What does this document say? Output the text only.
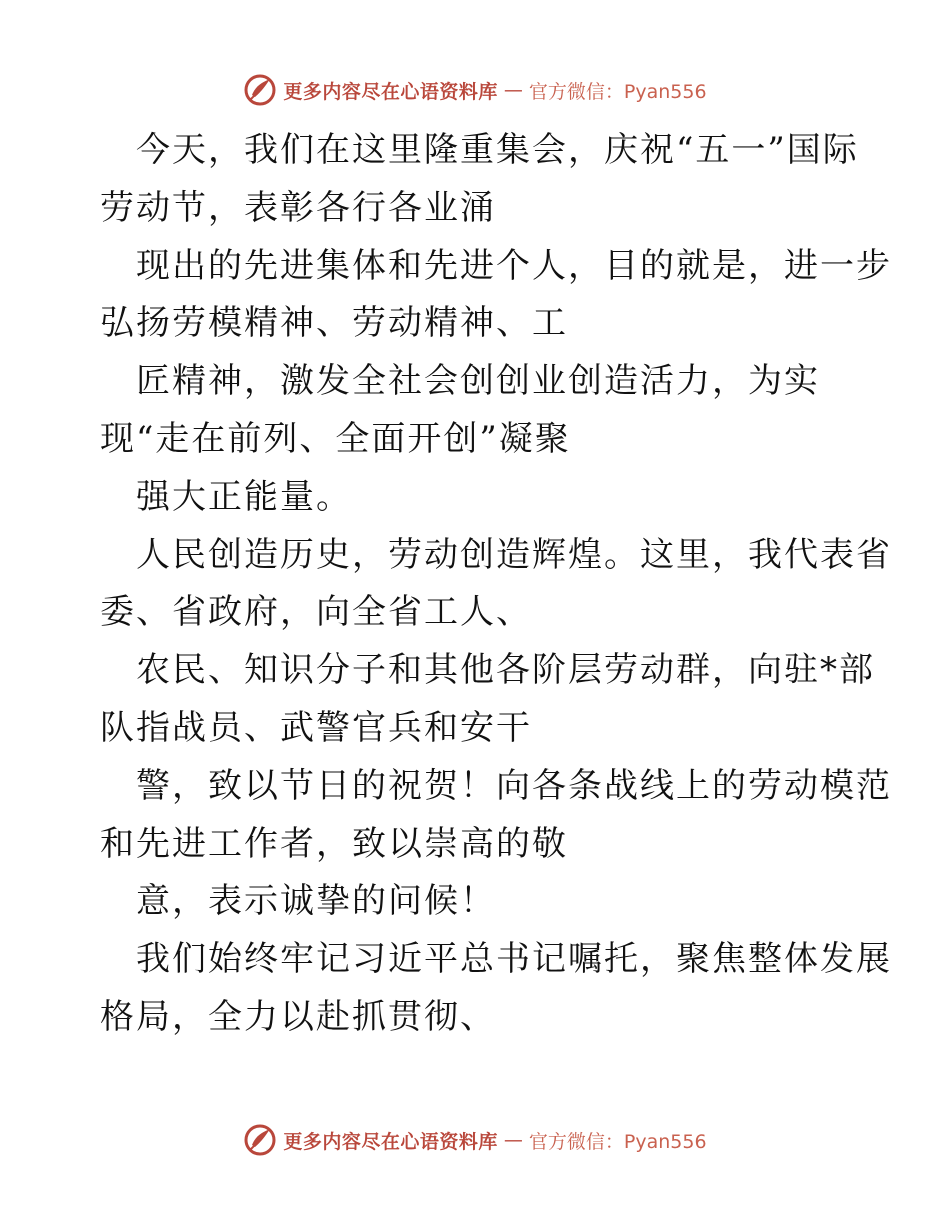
更多内容尽在心语资料库 — 官方微信：Pyan556
今天，我们在这里隆重集会，庆祝“五一”国际
劳动节，表彰各行各业涌
现出的先进集体和先进个人，目的就是，进一步
弘扬劳模精神、劳动精神、工
匠精神，激发全社会创创业创造活力，为实
现“走在前列、全面开创”凝聚
强大正能量。
人民创造历史，劳动创造辉煌。这里，我代表省
委、省政府，向全省工人、
农民、知识分子和其他各阶层劳动群，向驻*部
队指战员、武警官兵和安干
警，致以节日的祝贺！向各条战线上的劳动模范
和先进工作者，致以崇高的敬
意，表示诚挚的问候！
我们始终牢记习近平总书记嘱托，聚焦整体发展
格局，全力以赴抓贯彻、
更多内容尽在心语资料库 — 官方微信：Pyan556
